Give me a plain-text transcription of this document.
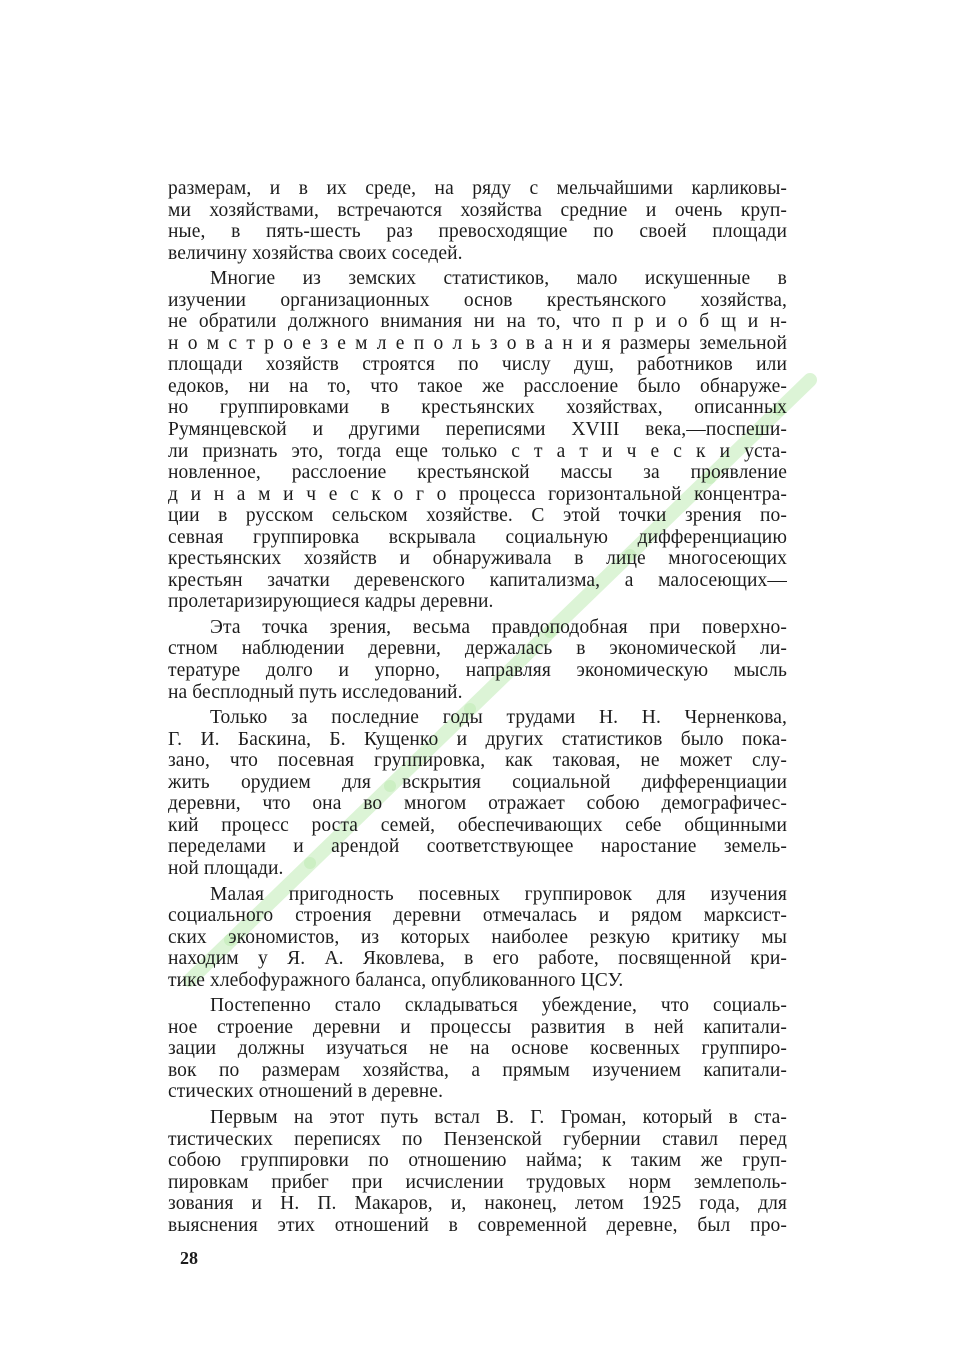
размерам, и в их среде, на ряду с мельчайшими карликовы-
ми хозяйствами, встречаются хозяйства средние и очень круп-
ные, в пять-шесть раз превосходящие по своей площади
величину хозяйства своих соседей.
Многие из земских статистиков, мало искушенные в
изучении организационных основ крестьянского хозяйства,
не обратили должного внимания ни на то, что п р и о б щ и н-
н о м с т р о е з е м л е п о л ь з о в а н и я размеры земельной
площади хозяйств строятся по числу душ, работников или
едоков, ни на то, что такое же расслоение было обнаруже-
но группировками в крестьянских хозяйствах, описанных
Румянцевской и другими переписями XVIII века,—поспеши-
ли признать это, тогда еще только с т а т и ч е с к и уста-
новленное, расслоение крестьянской массы за проявление
д и н а м и ч е с к о г о процесса горизонтальной концентра-
ции в русском сельском хозяйстве. С этой точки зрения по-
севная группировка вскрывала социальную дифференциацию
крестьянских хозяйств и обнаруживала в лице многосеющих
крестьян зачатки деревенского капитализма, а малосеющих—
пролетаризирующиеся кадры деревни.
Эта точка зрения, весьма правдоподобная при поверхно-
стном наблюдении деревни, держалась в экономической ли-
тературе долго и упорно, направляя экономическую мысль
на бесплодный путь исследований.
Только за последние годы трудами Н. Н. Черненкова,
Г. И. Баскина, Б. Кущенко и других статистиков было пока-
зано, что посевная группировка, как таковая, не может слу-
жить орудием для вскрытия социальной дифференциации
деревни, что она во многом отражает собою демографичес-
кий процесс роста семей, обеспечивающих себе общинными
переделами и арендой соответствующее наростание земель-
ной площади.
Малая пригодность посевных группировок для изучения
социального строения деревни отмечалась и рядом марксист-
ских экономистов, из которых наиболее резкую критику мы
находим у Я. А. Яковлева, в его работе, посвященной кри-
тике хлебофуражного баланса, опубликованного ЦСУ.
Постепенно стало складываться убеждение, что социаль-
ное строение деревни и процессы развития в ней капитали-
зации должны изучаться не на основе косвенных группиро-
вок по размерам хозяйства, а прямым изучением капитали-
стических отношений в деревне.
Первым на этот путь встал В. Г. Громан, который в ста-
тистических переписях по Пензенской губернии ставил перед
собою группировки по отношению найма; к таким же груп-
пировкам прибег при исчислении трудовых норм землеполь-
зования и Н. П. Макаров, и, наконец, летом 1925 года, для
выяснения этих отношений в современной деревне, был про-
28
